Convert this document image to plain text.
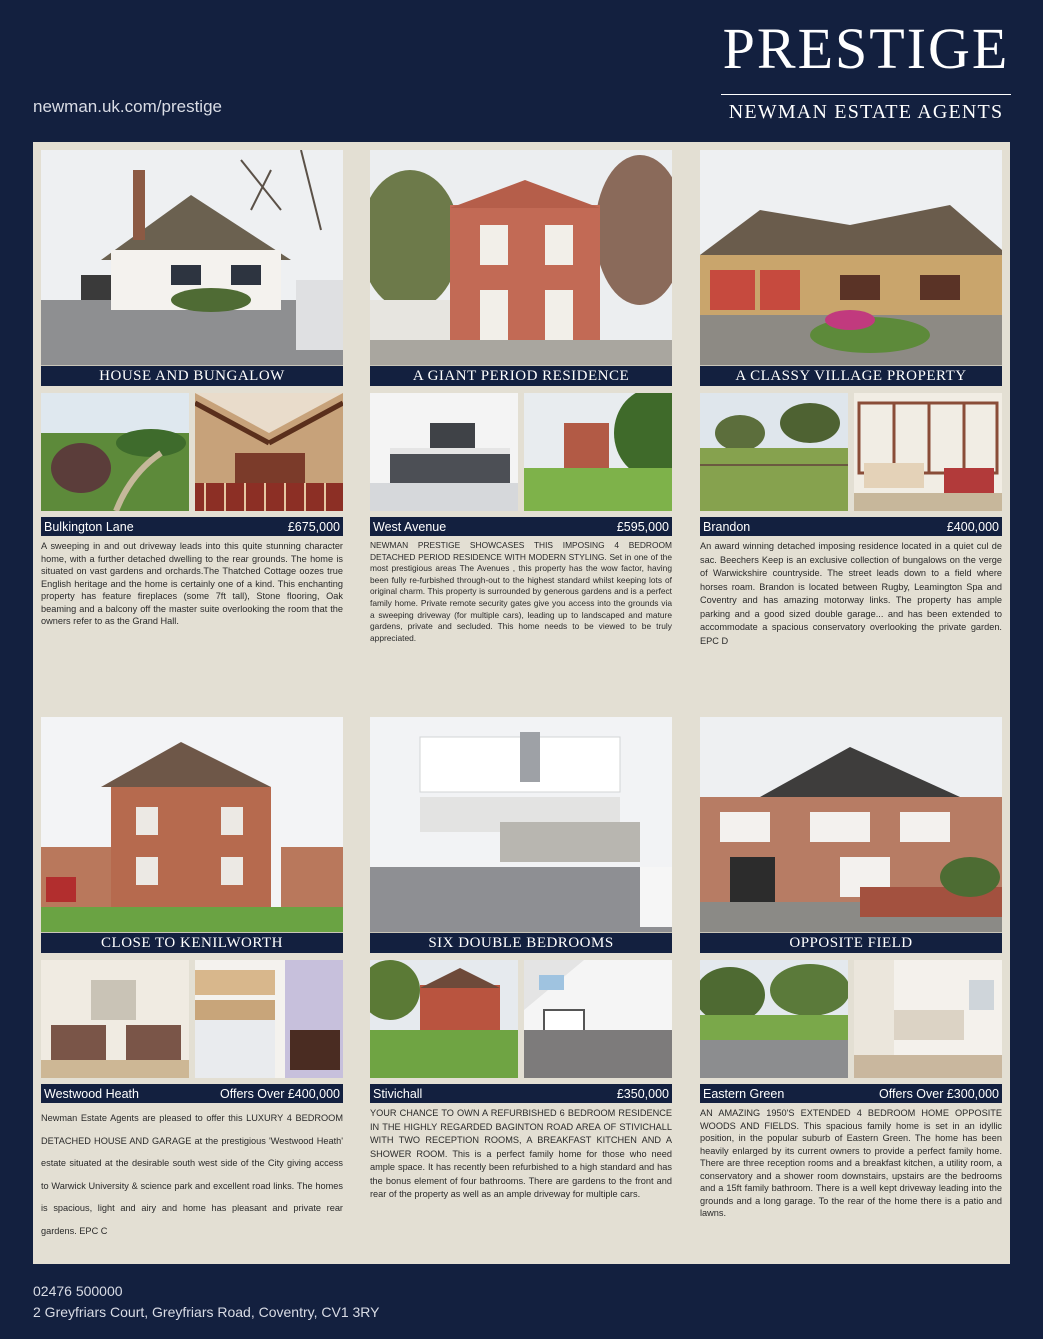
newman.uk.com/prestige
PRESTIGE
NEWMAN ESTATE AGENTS
HOUSE AND BUNGALOW
Bulkington Lane	£675,000
A sweeping in and out driveway leads into this quite stunning character home, with a further detached dwelling to the rear grounds. The home is situated on vast gardens and orchards.The Thatched Cottage oozes true English heritage and the home is certainly one of a kind. This enchanting property has feature fireplaces (some 7ft tall), Stone flooring, Oak beaming and a balcony off the master suite overlooking the room that the owners refer to as the Grand Hall.
A GIANT PERIOD RESIDENCE
West Avenue	£595,000
NEWMAN PRESTIGE SHOWCASES THIS IMPOSING 4 BEDROOM DETACHED PERIOD RESIDENCE WITH MODERN STYLING. Set in one of the most prestigious areas The Avenues , this property has the wow factor, having been fully re-furbished through-out to the highest standard whilst keeping lots of original charm. This property is surrounded by generous gardens and is a perfect family home. Private remote security gates give you access into the grounds via a sweeping driveway (for multiple cars), leading up to landscaped and mature gardens, private and secluded. This home needs to be viewed to be truly appreciated.
A CLASSY VILLAGE PROPERTY
Brandon	£400,000
An award winning detached imposing residence located in a quiet cul de sac. Beechers Keep is an exclusive collection of bungalows on the verge of Warwickshire countryside. The street leads down to a field where horses roam. Brandon is located between Rugby, Leamington Spa and Coventry and has amazing motorway links. The property has ample parking and a good sized double garage... and has been extended to accommodate a spacious conservatory overlooking the private garden. EPC D
CLOSE TO KENILWORTH
Westwood Heath	Offers Over £400,000
Newman Estate Agents are pleased to offer this LUXURY 4 BEDROOM DETACHED HOUSE AND GARAGE at the prestigious 'Westwood Heath' estate situated at the desirable south west side of the City giving access to Warwick University & science park and excellent road links. The homes is spacious, light and airy and home has pleasant and private rear gardens. EPC C
SIX DOUBLE BEDROOMS
Stivichall	£350,000
YOUR CHANCE TO OWN A REFURBISHED 6 BEDROOM RESIDENCE IN THE HIGHLY REGARDED BAGINTON ROAD AREA OF STIVICHALL WITH TWO RECEPTION ROOMS, A BREAKFAST KITCHEN AND A SHOWER ROOM. This is a perfect family home for those who need ample space. It has recently been refurbished to a high standard and has the bonus element of four bathrooms. There are gardens to the front and rear of the property as well as an ample driveway for multiple cars.
OPPOSITE FIELD
Eastern Green	Offers Over £300,000
AN AMAZING 1950'S EXTENDED 4 BEDROOM HOME OPPOSITE WOODS AND FIELDS. This spacious family home is set in an idyllic position, in the popular suburb of Eastern Green. The home has been heavily enlarged by its current owners to provide a perfect family home. There are three reception rooms and a breakfast kitchen, a utility room, a conservatory and a shower room downstairs, upstairs are the bedrooms and a 15ft family bathroom. There is a well kept driveway leading into the grounds and a long garage. To the rear of the home there is a patio and lawns.
02476 500000
2 Greyfriars Court, Greyfriars Road, Coventry, CV1 3RY
